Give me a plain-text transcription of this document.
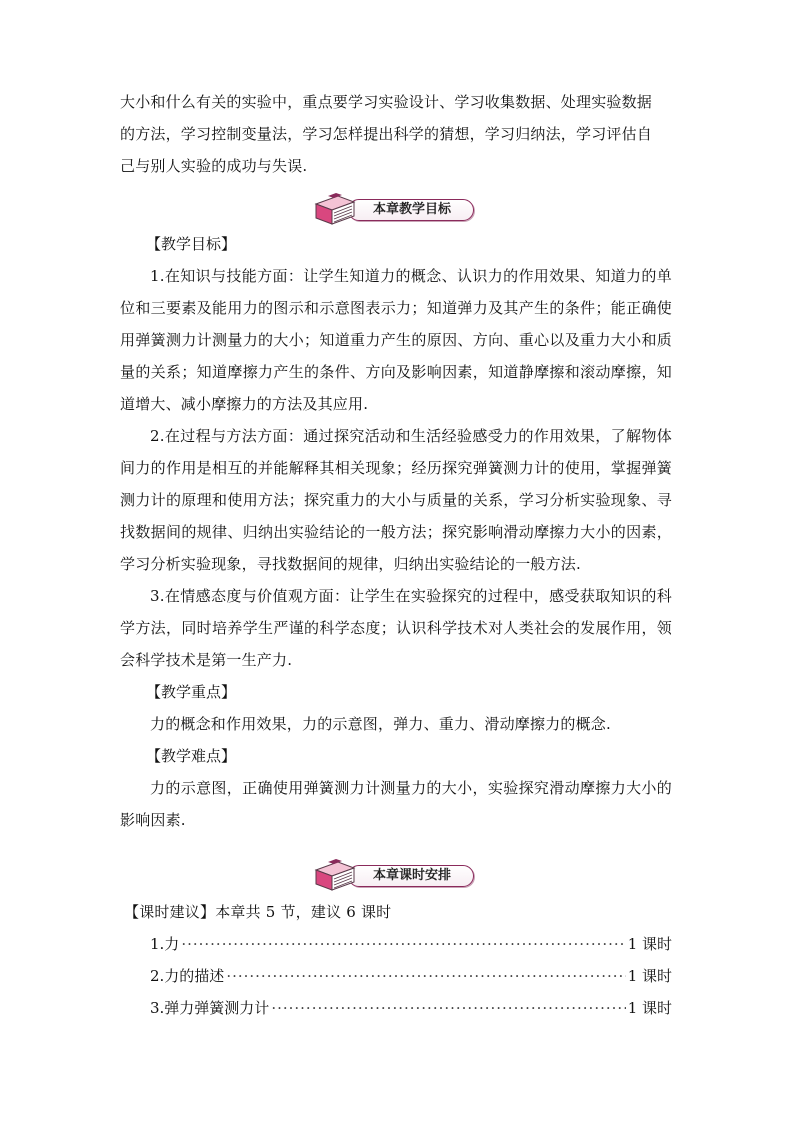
大小和什么有关的实验中，重点要学习实验设计、学习收集数据、处理实验数据

的方法，学习控制变量法，学习怎样提出科学的猜想，学习归纳法，学习评估自

己与别人实验的成功与失误.

本章教学目标

【教学目标】

1.在知识与技能方面：让学生知道力的概念、认识力的作用效果、知道力的单位和三要素及能用力的图示和示意图表示力；知道弹力及其产生的条件；能正确使用弹簧测力计测量力的大小；知道重力产生的原因、方向、重心以及重力大小和质量的关系；知道摩擦力产生的条件、方向及影响因素，知道静摩擦和滚动摩擦，知道增大、减小摩擦力的方法及其应用.

2.在过程与方法方面：通过探究活动和生活经验感受力的作用效果，了解物体间力的作用是相互的并能解释其相关现象；经历探究弹簧测力计的使用，掌握弹簧测力计的原理和使用方法；探究重力的大小与质量的关系，学习分析实验现象、寻找数据间的规律、归纳出实验结论的一般方法；探究影响滑动摩擦力大小的因素，学习分析实验现象，寻找数据间的规律，归纳出实验结论的一般方法.

3.在情感态度与价值观方面：让学生在实验探究的过程中，感受获取知识的科学方法，同时培养学生严谨的科学态度；认识科学技术对人类社会的发展作用，领会科学技术是第一生产力.

【教学重点】

力的概念和作用效果，力的示意图，弹力、重力、滑动摩擦力的概念.

【教学难点】

力的示意图，正确使用弹簧测力计测量力的大小，实验探究滑动摩擦力大小的影响因素.

本章课时安排

【课时建议】本章共 5 节，建议 6 课时

1.力 ·····	1 课时
2.力的描述 ·····	1 课时
3.弹力弹簧测力计 ·····	1 课时
